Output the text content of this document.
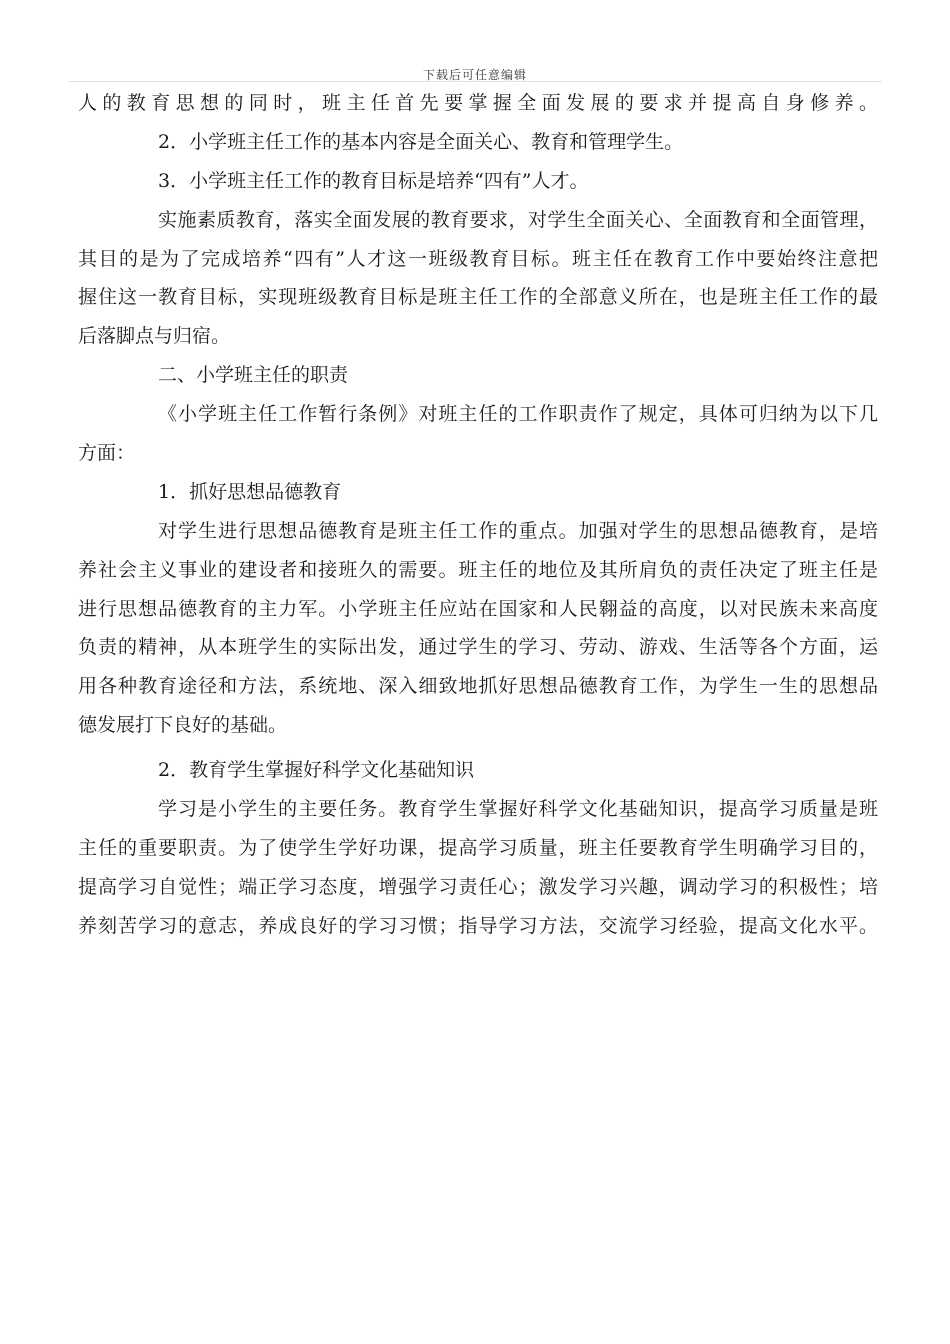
下载后可任意编辑
人的教育思想的同时，班主任首先要掌握全面发展的要求并提高自身修养。
2．小学班主任工作的基本内容是全面关心、教育和管理学生。
3．小学班主任工作的教育目标是培养“四有”人才。
实施素质教育，落实全面发展的教育要求，对学生全面关心、全面教育和全面管理，
其目的是为了完成培养“四有”人才这一班级教育目标。班主任在教育工作中要始终注意把
握住这一教育目标，实现班级教育目标是班主任工作的全部意义所在，也是班主任工作的最
后落脚点与归宿。
二、小学班主任的职责
《小学班主任工作暂行条例》对班主任的工作职责作了规定，具体可归纳为以下几
方面：
1．抓好思想品德教育
对学生进行思想品德教育是班主任工作的重点。加强对学生的思想品德教育，是培
养社会主义事业的建设者和接班久的需要。班主任的地位及其所肩负的责任决定了班主任是
进行思想品德教育的主力军。小学班主任应站在国家和人民翱益的高度，以对民族未来高度
负责的精神，从本班学生的实际出发，通过学生的学习、劳动、游戏、生活等各个方面，运
用各种教育途径和方法，系统地、深入细致地抓好思想品德教育工作，为学生一生的思想品
德发展打下良好的基础。
2．教育学生掌握好科学文化基础知识
学习是小学生的主要任务。教育学生掌握好科学文化基础知识，提高学习质量是班
主任的重要职责。为了使学生学好功课，提高学习质量，班主任要教育学生明确学习目的，
提高学习自觉性；端正学习态度，增强学习责任心；激发学习兴趣，调动学习的积极性；培
养刻苦学习的意志，养成良好的学习习惯；指导学习方法，交流学习经验，提高文化水平。
